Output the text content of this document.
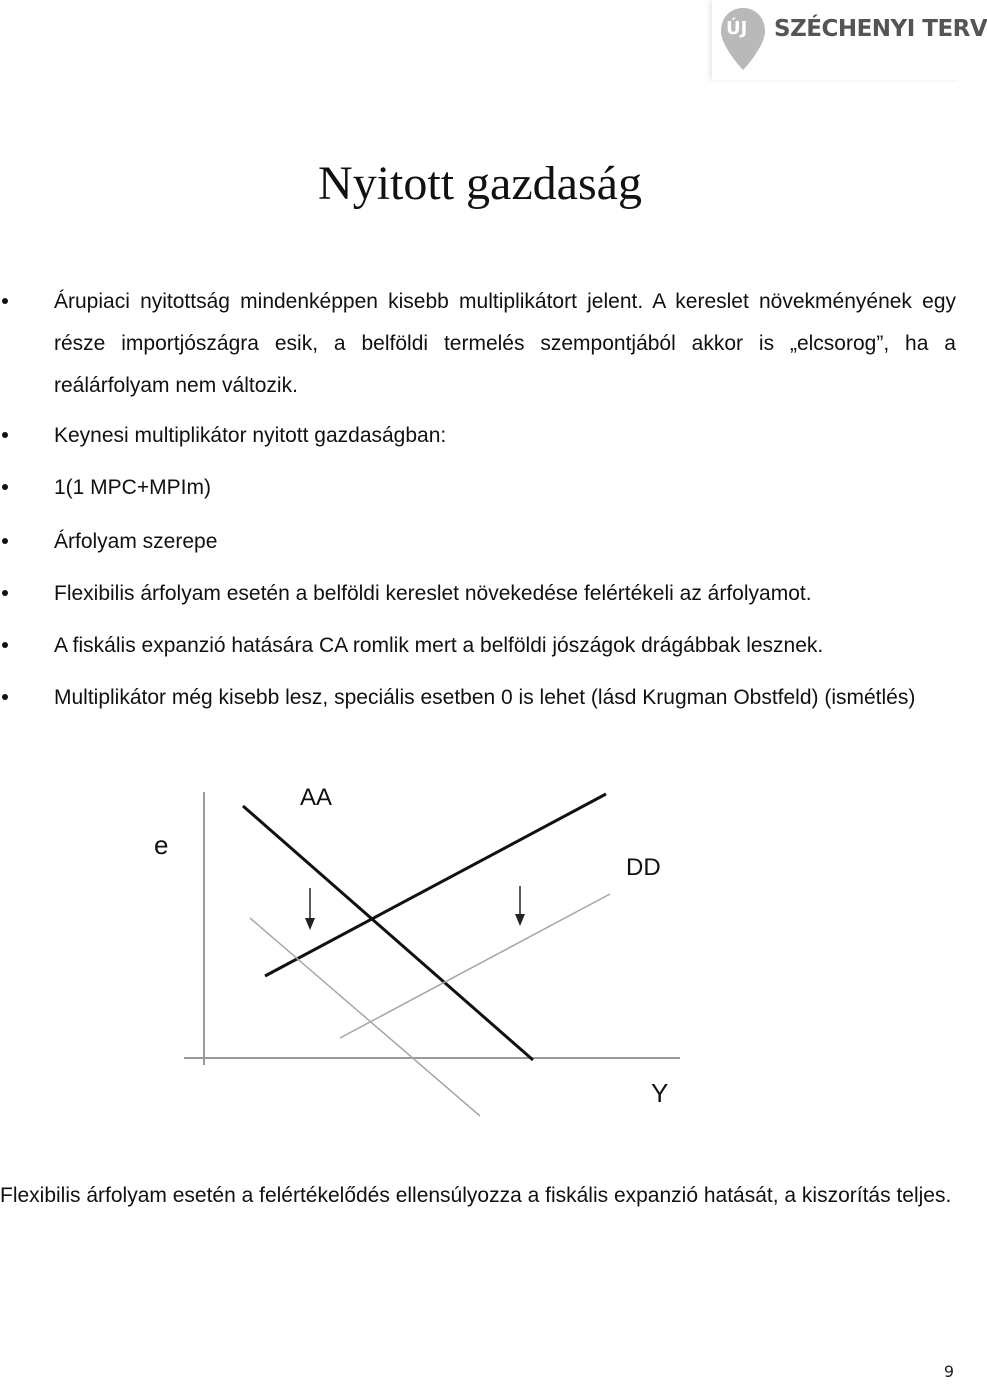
ÚJ SZÉCHENYI TERV
Nyitott gazdaság
Árupiaci nyitottság mindenképpen kisebb multiplikátort jelent. A kereslet növekményének egy része importjószágra esik, a belföldi termelés szempontjából akkor is „elcsorog”, ha a reálárfolyam nem változik.
Keynesi multiplikátor nyitott gazdaságban:
1(1 MPC+MPIm)
Árfolyam szerepe
Flexibilis árfolyam esetén a belföldi kereslet növekedése felértékeli az árfolyamot.
A fiskális expanzió hatására CA romlik mert a belföldi jószágok drágábbak lesznek.
Multiplikátor még kisebb lesz, speciális esetben 0 is lehet (lásd Krugman Obstfeld) (ismétlés)
e
Y
AA
DD
Flexibilis árfolyam esetén a felértékelődés ellensúlyozza a fiskális expanzió hatását, a kiszorítás teljes.
9
